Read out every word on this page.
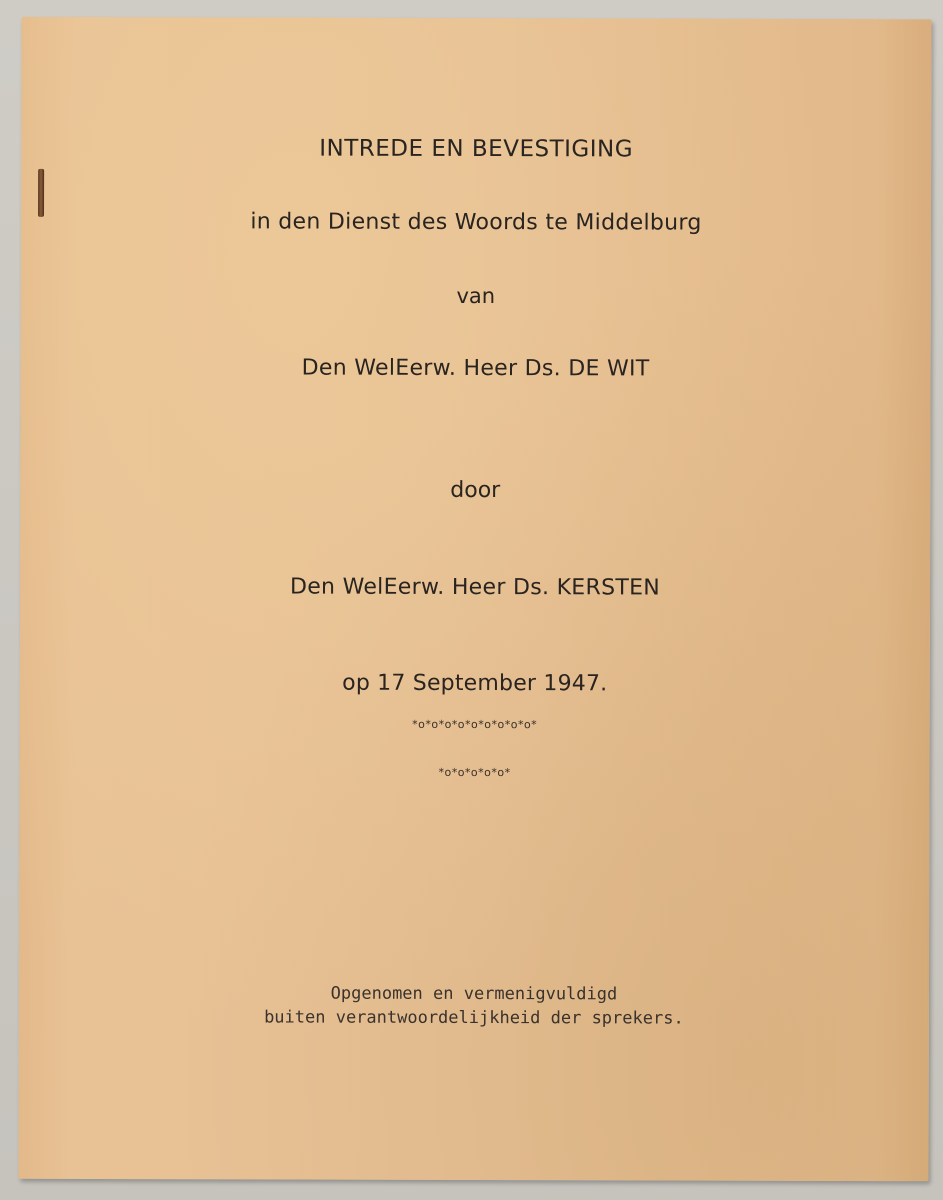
INTREDE EN BEVESTIGING
in den Dienst des Woords te Middelburg
van
Den WelEerw. Heer Ds. DE WIT
door
Den WelEerw. Heer Ds. KERSTEN
op 17 September 1947.
*o*o*o*o*o*o*o*o*o*
*o*o*o*o*o*
Opgenomen en vermenigvuldigd
buiten verantwoordelijkheid der sprekers.
